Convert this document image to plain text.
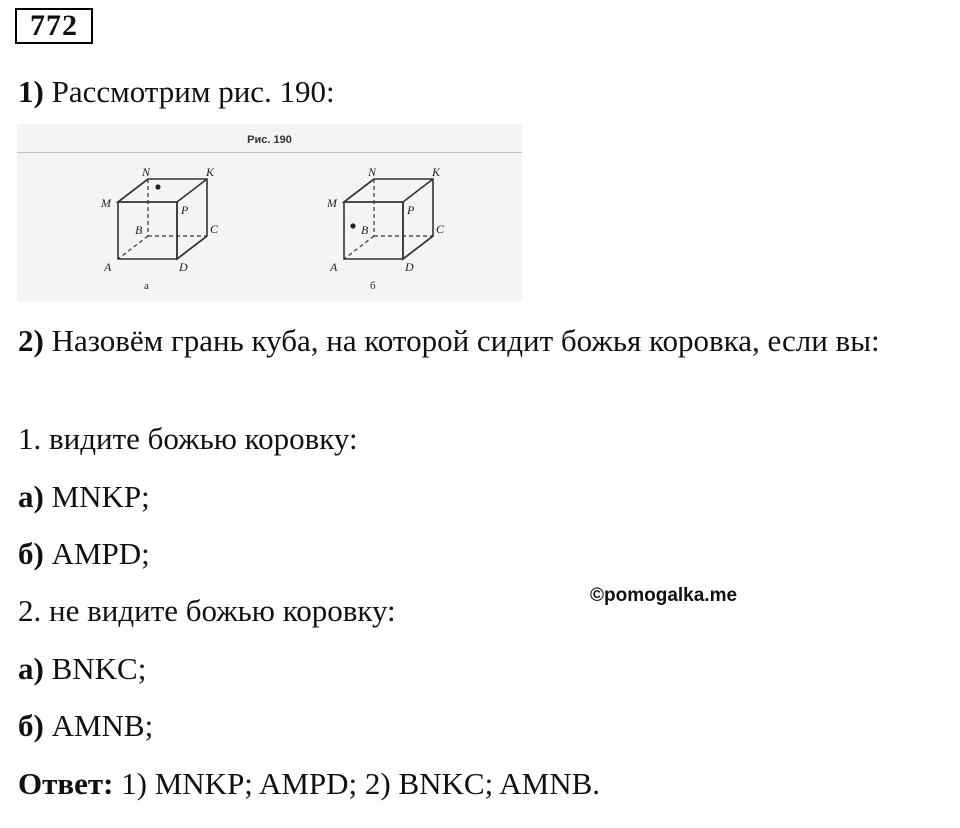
772
1) Рассмотрим рис. 190:
Рис. 190
N	K
M	P
B	C
A	D
а
N	K
M	P
B	C
A	D
б
2) Назовём грань куба, на которой сидит божья коровка, если вы:
1. видите божью коровку:
а) MNKP;
б) AMPD;
©pomogalka.me
2. не видите божью коровку:
а) BNKC;
б) AMNB;
Ответ: 1) MNKP; AMPD; 2) BNKC; AMNB.
